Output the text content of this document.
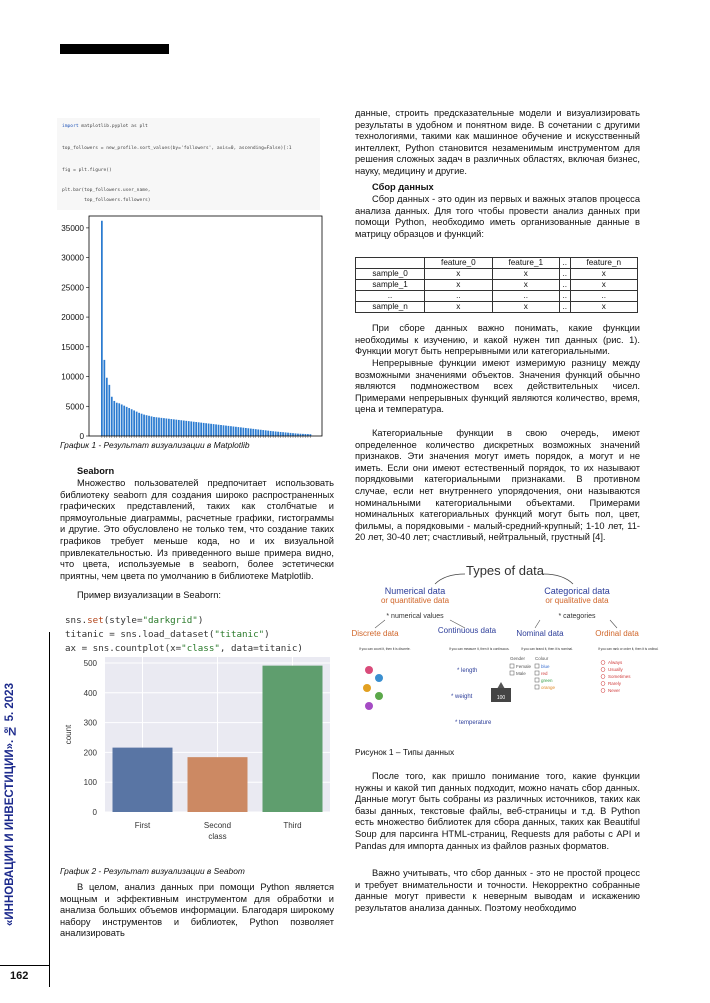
«ИННОВАЦИИ И ИНВЕСТИЦИИ». № 5. 2023
162
import matplotlib.pyplot as plt
top_followers = new_profile.sort_values(by='followers', axis=0, ascending=False)[:1
fig = plt.figure()
plt.bar(top_followers.user_name,
top_followers.followers)
0
5000
10000
15000
20000
25000
30000
35000
График 1 - Результат визуализации в Matplotlib
Seaborn
Множество пользователей предпочитает использовать библиотеку seaborn для создания широко распространенных графических представлений, таких как столбчатые и прямоугольные диаграммы, расчетные графики, гистограммы и другие. Это обусловлено не только тем, что создание таких графиков требует меньше кода, но и их визуальной привлекательностью. Из приведенного выше примера видно, что цвета, используемые в seaborn, более эстетически приятны, чем цвета по умолчанию в библиотеке Matplotlib.
Пример визуализации в Seaborn:
sns.set(style="darkgrid")
titanic = sns.load_dataset("titanic")
ax = sns.countplot(x="class", data=titanic)
0
100
200
300
400
500
First	Second	Third
class
count
График 2 - Результат визуализации в Seabom
В целом, анализ данных при помощи Python является мощным и эффективным инструментом для обработки и анализа больших объемов информации. Благодаря широкому набору инструментов и библиотек, Python позволяет анализировать
данные, строить предсказательные модели и визуализировать результаты в удобном и понятном виде. В сочетании с другими технологиями, такими как машинное обучение и искусственный интеллект, Python становится незаменимым инструментом для решения сложных задач в различных областях, включая бизнес, науку, медицину и другие.
Сбор данных
Сбор данных - это один из первых и важных этапов процесса анализа данных. Для того чтобы провести анализ данных при помощи Python, необходимо иметь организованные данные в матрицу образцов и функций:
	feature_0	feature_1	..	feature_n
sample_0	x	x	..	x
sample_1	x	x	..	x
..	..	..	..	..
sample_n	x	x	..	x
При сборе данных важно понимать, какие функции необходимы к изучению, и какой нужен тип данных (рис. 1). Функции могут быть непрерывными или категориальными.
Непрерывные функции имеют измеримую разницу между возможными значениями объектов. Значения функций обычно являются подмножеством всех действительных чисел. Примерами непрерывных функций являются количество, время, цена и температура.
Категориальные функции в свою очередь, имеют определенное количество дискретных возможных значений признаков. Эти значения могут иметь порядок, а могут и не иметь. Если они имеют естественный порядок, то их называют порядковыми категориальными признаками. В противном случае, если нет внутреннего упорядочения, они называются номинальными категориальными объектами. Примерами номинальных категориальных функций могут быть пол, цвет, фильмы, а порядковыми - малый-средний-крупный; 1-10 лет, 11-20 лет, 30-40 лет; счастливый, нейтральный, грустный [4].
Types of data
Numerical data
or quantitative data
Categorical data
or qualitative data
* numerical values	* categories
Discrete data	Continuous data	Nominal data	Ordinal data
If you can count it, then it is discrete.	If you can measure it, then it is continuous.	If you can brand it, then it is nominal.	If you can rank or order it, then it is ordinal.
* length
* weight
* temperature
100
Gender Colour
Female
Male
blue
red
green
orange
Always
Usually
Sometimes
Rarely
Never
Рисунок 1 – Типы данных
После того, как пришло понимание того, какие функции нужны и какой тип данных подходит, можно начать сбор данных. Данные могут быть собраны из различных источников, таких как базы данных, текстовые файлы, веб-страницы и т.д. В Python есть множество библиотек для сбора данных, таких как Beautiful Soup для парсинга HTML-страниц, Requests для работы с API и Pandas для импорта данных из файлов разных форматов.
Важно учитывать, что сбор данных - это не простой процесс и требует внимательности и точности. Некорректно собранные данные могут привести к неверным выводам и искажению результатов анализа данных. Поэтому необходимо
